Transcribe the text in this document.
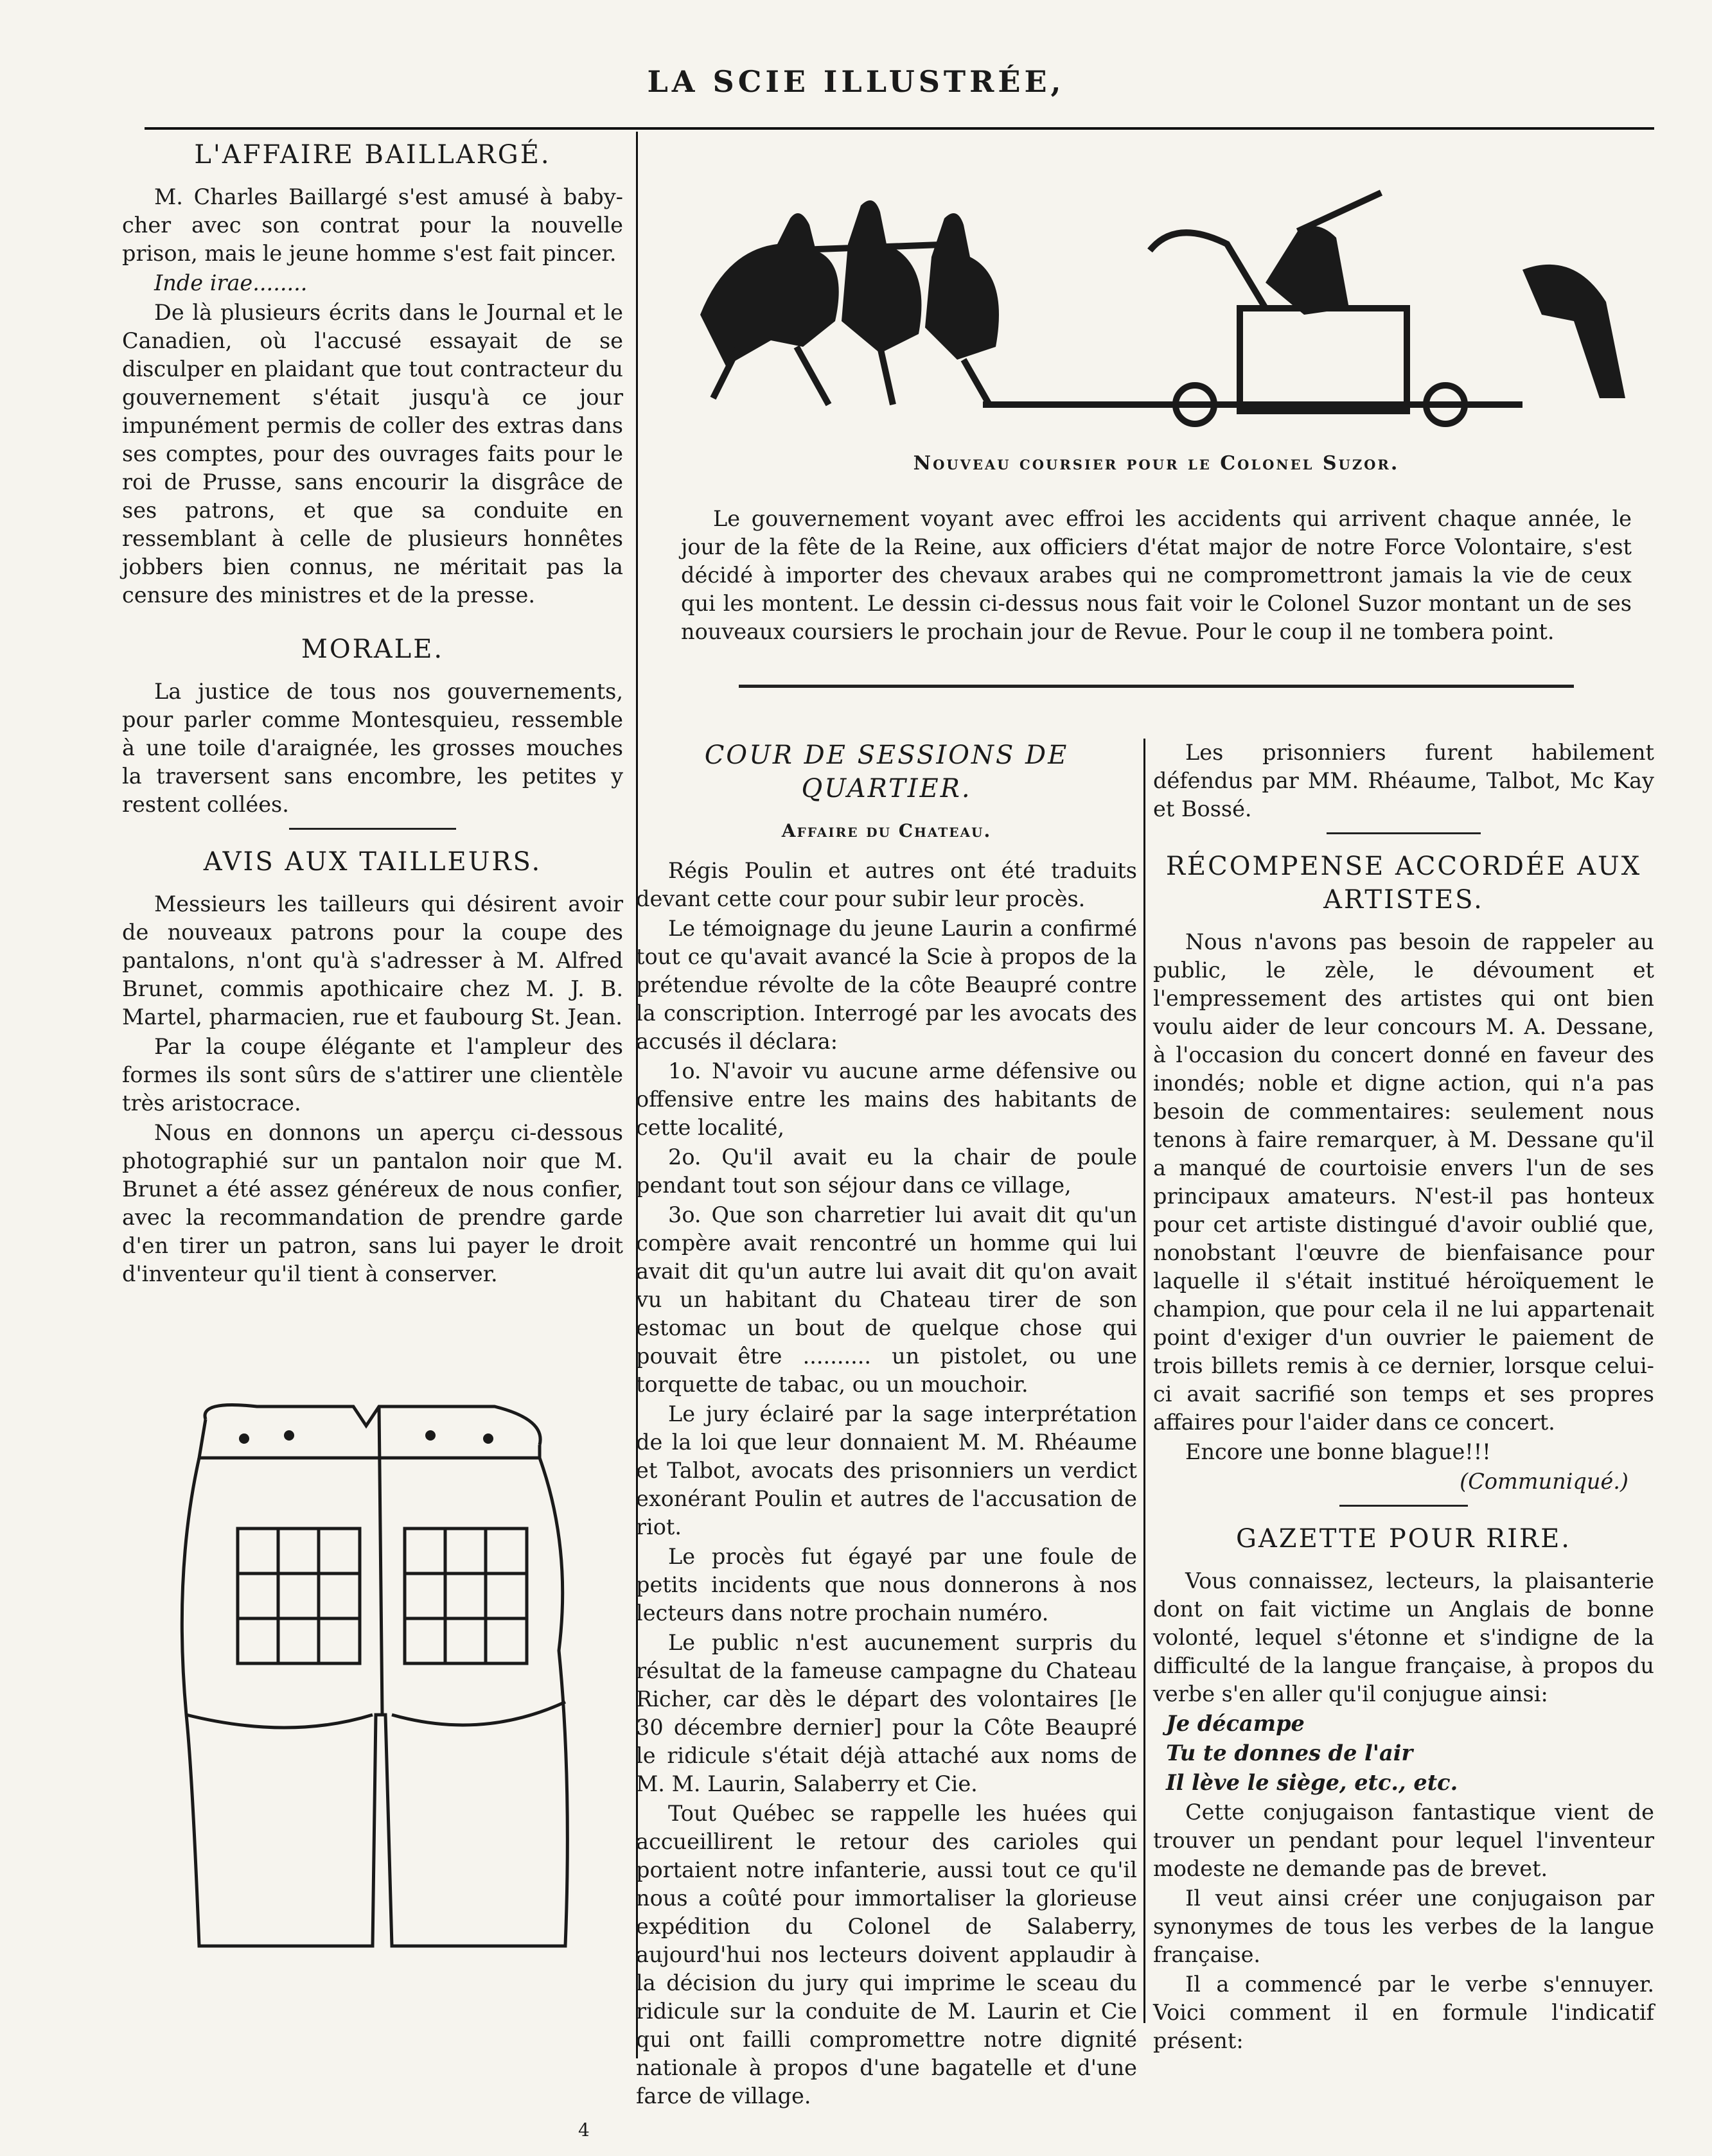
LA SCIE ILLUSTRÉE,
L'AFFAIRE BAILLARGÉ.

M. Charles Baillargé s'est amusé à baby-cher avec son contrat pour la nouvelle prison, mais le jeune homme s'est fait pincer.

Inde irae........

De là plusieurs écrits dans le Journal et le Canadien, où l'accusé essayait de se disculper en plaidant que tout contracteur du gouvernement s'était jusqu'à ce jour impunément permis de coller des extras dans ses comptes, pour des ouvrages faits pour le roi de Prusse, sans encourir la disgrâce de ses patrons, et que sa conduite en ressemblant à celle de plusieurs honnêtes jobbers bien connus, ne méritait pas la censure des ministres et de la presse.

MORALE.

La justice de tous nos gouvernements, pour parler comme Montesquieu, ressemble à une toile d'araignée, les grosses mouches la traversent sans encombre, les petites y restent collées.

AVIS AUX TAILLEURS.

Messieurs les tailleurs qui désirent avoir de nouveaux patrons pour la coupe des pantalons, n'ont qu'à s'adresser à M. Alfred Brunet, commis apothicaire chez M. J. B. Martel, pharmacien, rue et faubourg St. Jean.

Par la coupe élégante et l'ampleur des formes ils sont sûrs de s'attirer une clientèle très aristocrace.

Nous en donnons un aperçu ci-dessous photographié sur un pantalon noir que M. Brunet a été assez généreux de nous confier, avec la recommandation de prendre garde d'en tirer un patron, sans lui payer le droit d'inventeur qu'il tient à conserver.

Nouveau coursier pour le Colonel Suzor.

Le gouvernement voyant avec effroi les accidents qui arrivent chaque année, le jour de la fête de la Reine, aux officiers d'état major de notre Force Volontaire, s'est décidé à importer des chevaux arabes qui ne compromettront jamais la vie de ceux qui les montent. Le dessin ci-dessus nous fait voir le Colonel Suzor montant un de ses nouveaux coursiers le prochain jour de Revue. Pour le coup il ne tombera point.

COUR DE SESSIONS DE QUARTIER.
Affaire du Chateau.

Régis Poulin et autres ont été traduits devant cette cour pour subir leur procès.

Le témoignage du jeune Laurin a confirmé tout ce qu'avait avancé la Scie à propos de la prétendue révolte de la côte Beaupré contre la conscription. Interrogé par les avocats des accusés il déclara:

1o. N'avoir vu aucune arme défensive ou offensive entre les mains des habitants de cette localité,

2o. Qu'il avait eu la chair de poule pendant tout son séjour dans ce village,

3o. Que son charretier lui avait dit qu'un compère avait rencontré un homme qui lui avait dit qu'un autre lui avait dit qu'on avait vu un habitant du Chateau tirer de son estomac un bout de quelque chose qui pouvait être .......... un pistolet, ou une torquette de tabac, ou un mouchoir.

Le jury éclairé par la sage interprétation de la loi que leur donnaient M. M. Rhéaume et Talbot, avocats des prisonniers un verdict exonérant Poulin et autres de l'accusation de riot.

Le procès fut égayé par une foule de petits incidents que nous donnerons à nos lecteurs dans notre prochain numéro.

Le public n'est aucunement surpris du résultat de la fameuse campagne du Chateau Richer, car dès le départ des volontaires [le 30 décembre dernier] pour la Côte Beaupré le ridicule s'était déjà attaché aux noms de M. M. Laurin, Salaberry et Cie.

Tout Québec se rappelle les huées qui accueillirent le retour des carioles qui portaient notre infanterie, aussi tout ce qu'il nous a coûté pour immortaliser la glorieuse expédition du Colonel de Salaberry, aujourd'hui nos lecteurs doivent applaudir à la décision du jury qui imprime le sceau du ridicule sur la conduite de M. Laurin et Cie qui ont failli compromettre notre dignité nationale à propos d'une bagatelle et d'une farce de village.

Les prisonniers furent habilement défendus par MM. Rhéaume, Talbot, Mc Kay et Bossé.

RÉCOMPENSE ACCORDÉE AUX ARTISTES.

Nous n'avons pas besoin de rappeler au public, le zèle, le dévoument et l'empressement des artistes qui ont bien voulu aider de leur concours M. A. Dessane, à l'occasion du concert donné en faveur des inondés; noble et digne action, qui n'a pas besoin de commentaires: seulement nous tenons à faire remarquer, à M. Dessane qu'il a manqué de courtoisie envers l'un de ses principaux amateurs. N'est-il pas honteux pour cet artiste distingué d'avoir oublié que, nonobstant l'œuvre de bienfaisance pour laquelle il s'était institué héroïquement le champion, que pour cela il ne lui appartenait point d'exiger d'un ouvrier le paiement de trois billets remis à ce dernier, lorsque celui-ci avait sacrifié son temps et ses propres affaires pour l'aider dans ce concert.

Encore une bonne blague!!!

(Communiqué.)

GAZETTE POUR RIRE.

Vous connaissez, lecteurs, la plaisanterie dont on fait victime un Anglais de bonne volonté, lequel s'étonne et s'indigne de la difficulté de la langue française, à propos du verbe s'en aller qu'il conjugue ainsi:

Je décampe

Tu te donnes de l'air

Il lève le siège, etc., etc.

Cette conjugaison fantastique vient de trouver un pendant pour lequel l'inventeur modeste ne demande pas de brevet.

Il veut ainsi créer une conjugaison par synonymes de tous les verbes de la langue française.

Il a commencé par le verbe s'ennuyer. Voici comment il en formule l'indicatif présent:

4
